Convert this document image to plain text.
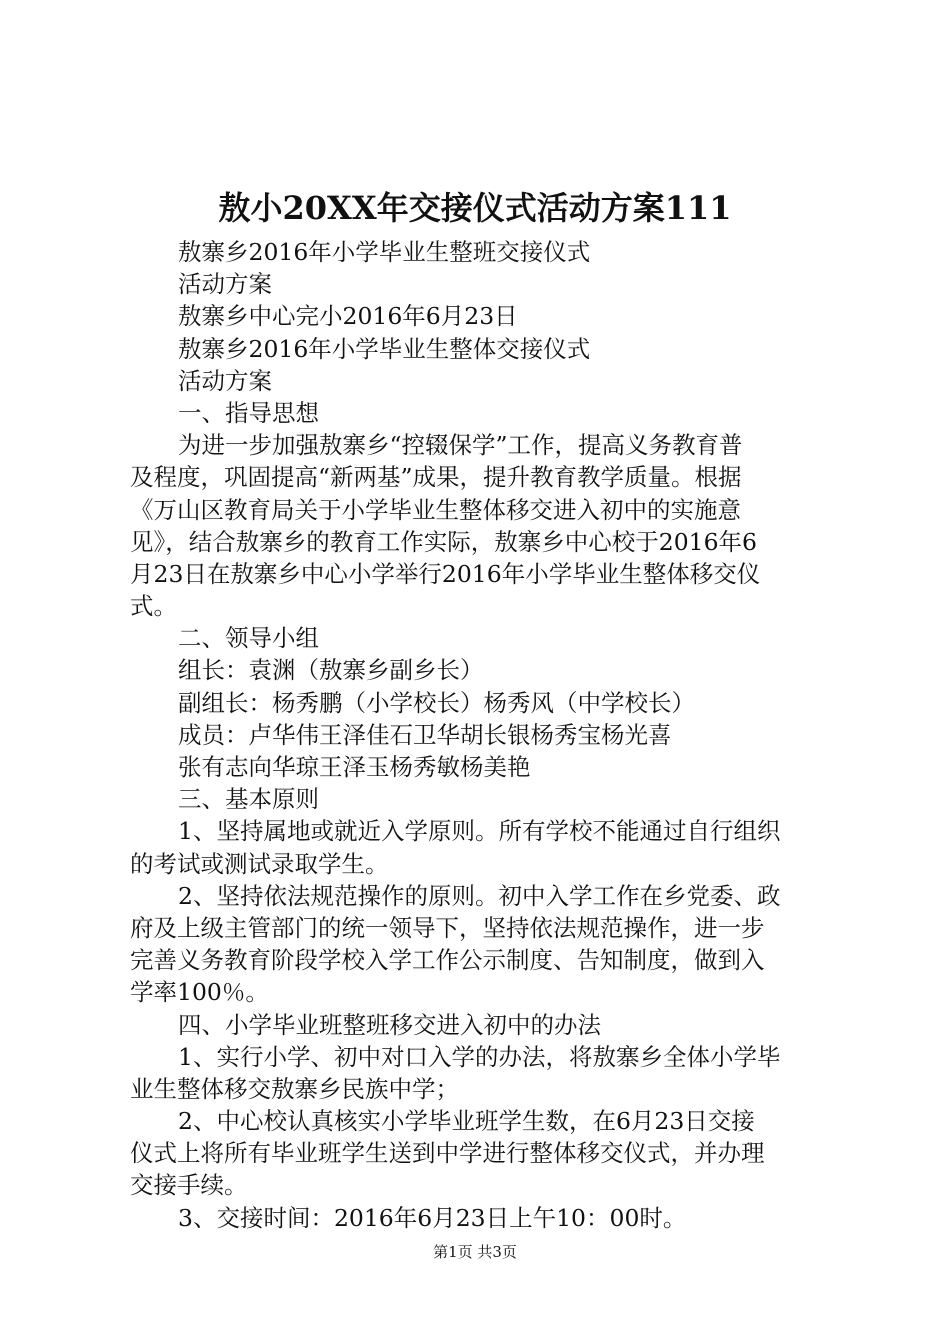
敖小20XX年交接仪式活动方案111
敖寨乡2016年小学毕业生整班交接仪式
活动方案
敖寨乡中心完小2016年6月23日
敖寨乡2016年小学毕业生整体交接仪式
活动方案
一、指导思想
为进一步加强敖寨乡“控辍保学”工作，提高义务教育普
及程度，巩固提高“新两基”成果，提升教育教学质量。根据
《万山区教育局关于小学毕业生整体移交进入初中的实施意
见》，结合敖寨乡的教育工作实际，敖寨乡中心校于2016年6
月23日在敖寨乡中心小学举行2016年小学毕业生整体移交仪
式。
二、领导小组
组长：袁渊（敖寨乡副乡长）
副组长：杨秀鹏（小学校长）杨秀风（中学校长）
成员：卢华伟王泽佳石卫华胡长银杨秀宝杨光喜
张有志向华琼王泽玉杨秀敏杨美艳
三、基本原则
1、坚持属地或就近入学原则。所有学校不能通过自行组织
的考试或测试录取学生。
2、坚持依法规范操作的原则。初中入学工作在乡党委、政
府及上级主管部门的统一领导下，坚持依法规范操作，进一步
完善义务教育阶段学校入学工作公示制度、告知制度，做到入
学率100％。
四、小学毕业班整班移交进入初中的办法
1、实行小学、初中对口入学的办法，将敖寨乡全体小学毕
业生整体移交敖寨乡民族中学；
2、中心校认真核实小学毕业班学生数，在6月23日交接
仪式上将所有毕业班学生送到中学进行整体移交仪式，并办理
交接手续。
3、交接时间：2016年6月23日上午10：00时。
第1页 共3页
